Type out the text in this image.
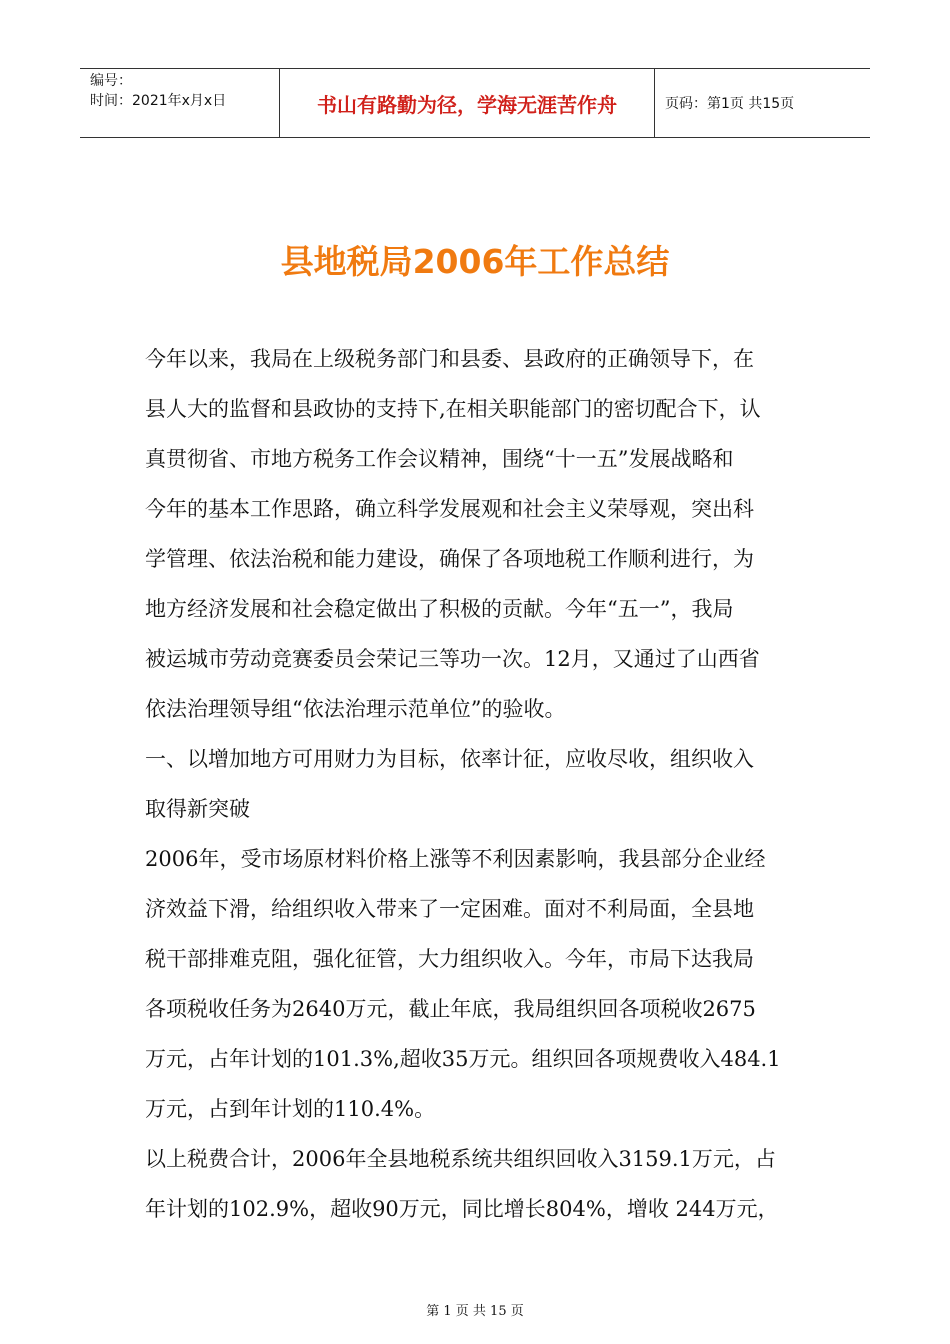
编号：
时间：2021年x月x日	书山有路勤为径，学海无涯苦作舟	页码：第1页 共15页
县地税局2006年工作总结
今年以来，我局在上级税务部门和县委、县政府的正确领导下，在
县人大的监督和县政协的支持下,在相关职能部门的密切配合下，认
真贯彻省、市地方税务工作会议精神，围绕“十一五”发展战略和
今年的基本工作思路，确立科学发展观和社会主义荣辱观，突出科
学管理、依法治税和能力建设，确保了各项地税工作顺利进行，为
地方经济发展和社会稳定做出了积极的贡献。今年“五一”，我局
被运城市劳动竞赛委员会荣记三等功一次。12月，又通过了山西省
依法治理领导组“依法治理示范单位”的验收。
一、以增加地方可用财力为目标，依率计征，应收尽收，组织收入
取得新突破
2006年，受市场原材料价格上涨等不利因素影响，我县部分企业经
济效益下滑，给组织收入带来了一定困难。面对不利局面，全县地
税干部排难克阻，强化征管，大力组织收入。今年，市局下达我局
各项税收任务为2640万元，截止年底，我局组织回各项税收2675
万元，占年计划的101.3%,超收35万元。组织回各项规费收入484.1
万元，占到年计划的110.4%。
以上税费合计，2006年全县地税系统共组织回收入3159.1万元，占
年计划的102.9%，超收90万元，同比增长804%，增收 244万元，
第 1 页 共 15 页
